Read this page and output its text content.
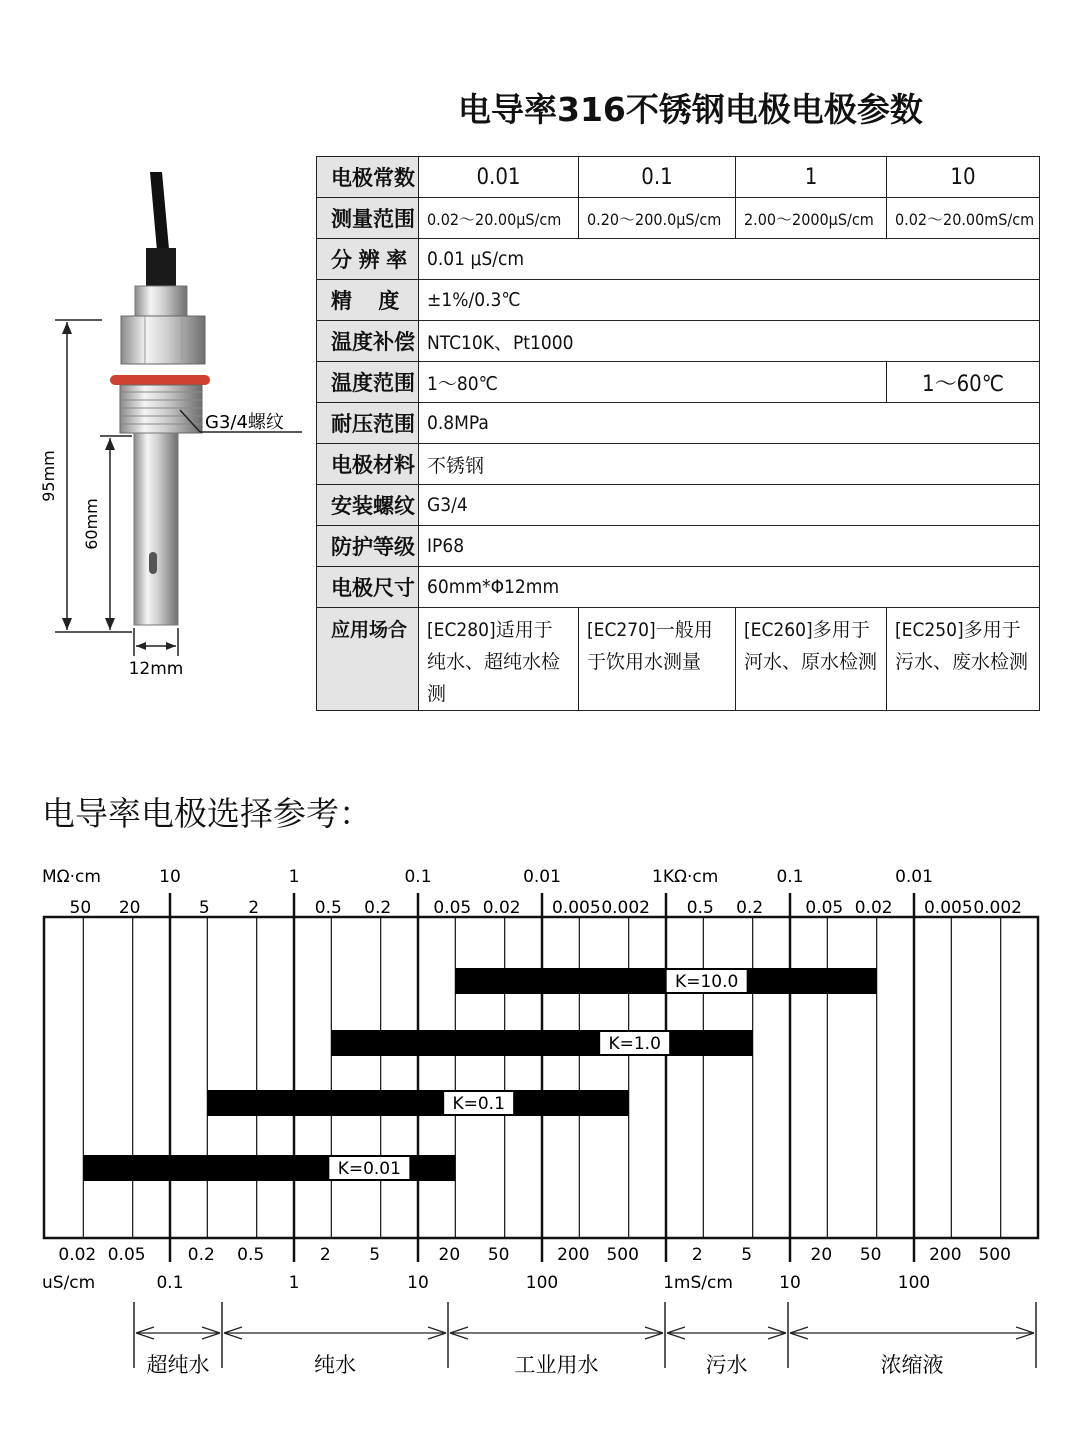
电导率316不锈钢电极电极参数
95mm
60mm
12mm
G3/4螺纹
电极常数	0.01	0.1	1	10
测量范围	0.02～20.00μS/cm	0.20～200.0μS/cm	2.00～2000μS/cm	0.02～20.00mS/cm
分 辨 率	0.01 μS/cm			
精    度	±1%/0.3℃			
温度补偿	NTC10K、Pt1000			
温度范围	1～80℃			1～60℃
耐压范围	0.8MPa			
电极材料	不锈钢			
安装螺纹	G3/4			
防护等级	IP68			
电极尺寸	60mm*Φ12mm			
应用场合	[EC280]适用于纯水、超纯水检测	[EC270]一般用于饮用水测量	[EC260]多用于河水、原水检测	[EC250]多用于污水、废水检测
电导率电极选择参考：
MΩ·cm	1KΩ·cm
10	1	0.1	0.01	0.1	0.01
50 20	5 2	0.5 0.2 0.05 0.02 0.005 0.002 0.5 0.2 0.05 0.02 0.005 0.002
0.02 0.05 0.2 0.5	2 5	20 50	200 500	2 5	20 50	200 500
uS/cm	1mS/cm
0.1	1	10	100	10	100
K=10.0
K=1.0
K=0.1
K=0.01
超纯水	纯水	工业用水	污水	浓缩液
